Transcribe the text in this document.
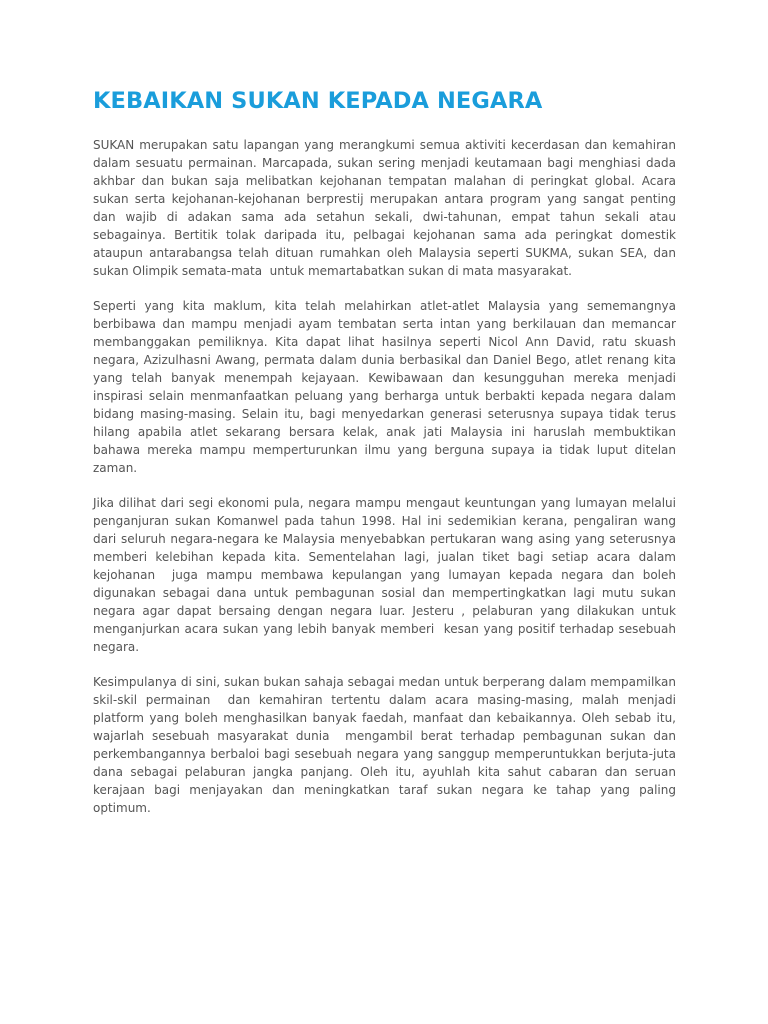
KEBAIKAN SUKAN KEPADA NEGARA

SUKAN merupakan satu lapangan yang merangkumi semua aktiviti kecerdasan dan kemahiran dalam sesuatu permainan. Marcapada, sukan sering menjadi keutamaan bagi menghiasi dada akhbar dan bukan saja melibatkan kejohanan tempatan malahan di peringkat global. Acara sukan serta kejohanan-kejohanan berprestij merupakan antara program yang sangat penting dan wajib di adakan sama ada setahun sekali, dwi-tahunan, empat tahun sekali atau sebagainya. Bertitik tolak daripada itu, pelbagai kejohanan sama ada peringkat domestik ataupun antarabangsa telah dituan rumahkan oleh Malaysia seperti SUKMA, sukan SEA, dan sukan Olimpik semata-mata  untuk memartabatkan sukan di mata masyarakat.

Seperti yang kita maklum, kita telah melahirkan atlet-atlet Malaysia yang sememangnya berbibawa dan mampu menjadi ayam tembatan serta intan yang berkilauan dan memancar membanggakan pemiliknya. Kita dapat lihat hasilnya seperti Nicol Ann David, ratu skuash negara, Azizulhasni Awang, permata dalam dunia berbasikal dan Daniel Bego, atlet renang kita yang telah banyak menempah kejayaan. Kewibawaan dan kesungguhan mereka menjadi inspirasi selain menmanfaatkan peluang yang berharga untuk berbakti kepada negara dalam bidang masing-masing. Selain itu, bagi menyedarkan generasi seterusnya supaya tidak terus hilang apabila atlet sekarang bersara kelak, anak jati Malaysia ini haruslah membuktikan bahawa mereka mampu memperturunkan ilmu yang berguna supaya ia tidak luput ditelan zaman.

Jika dilihat dari segi ekonomi pula, negara mampu mengaut keuntungan yang lumayan melalui penganjuran sukan Komanwel pada tahun 1998. Hal ini sedemikian kerana, pengaliran wang dari seluruh negara-negara ke Malaysia menyebabkan pertukaran wang asing yang seterusnya memberi kelebihan kepada kita. Sementelahan lagi, jualan tiket bagi setiap acara dalam kejohanan  juga mampu membawa kepulangan yang lumayan kepada negara dan boleh digunakan sebagai dana untuk pembagunan sosial dan mempertingkatkan lagi mutu sukan negara agar dapat bersaing dengan negara luar. Jesteru , pelaburan yang dilakukan untuk menganjurkan acara sukan yang lebih banyak memberi  kesan yang positif terhadap sesebuah negara.

Kesimpulanya di sini, sukan bukan sahaja sebagai medan untuk berperang dalam mempamilkan skil-skil permainan  dan kemahiran tertentu dalam acara masing-masing, malah menjadi platform yang boleh menghasilkan banyak faedah, manfaat dan kebaikannya. Oleh sebab itu, wajarlah sesebuah masyarakat dunia  mengambil berat terhadap pembagunan sukan dan perkembangannya berbaloi bagi sesebuah negara yang sanggup memperuntukkan berjuta-juta dana sebagai pelaburan jangka panjang. Oleh itu, ayuhlah kita sahut cabaran dan seruan kerajaan bagi menjayakan dan meningkatkan taraf sukan negara ke tahap yang paling optimum.
